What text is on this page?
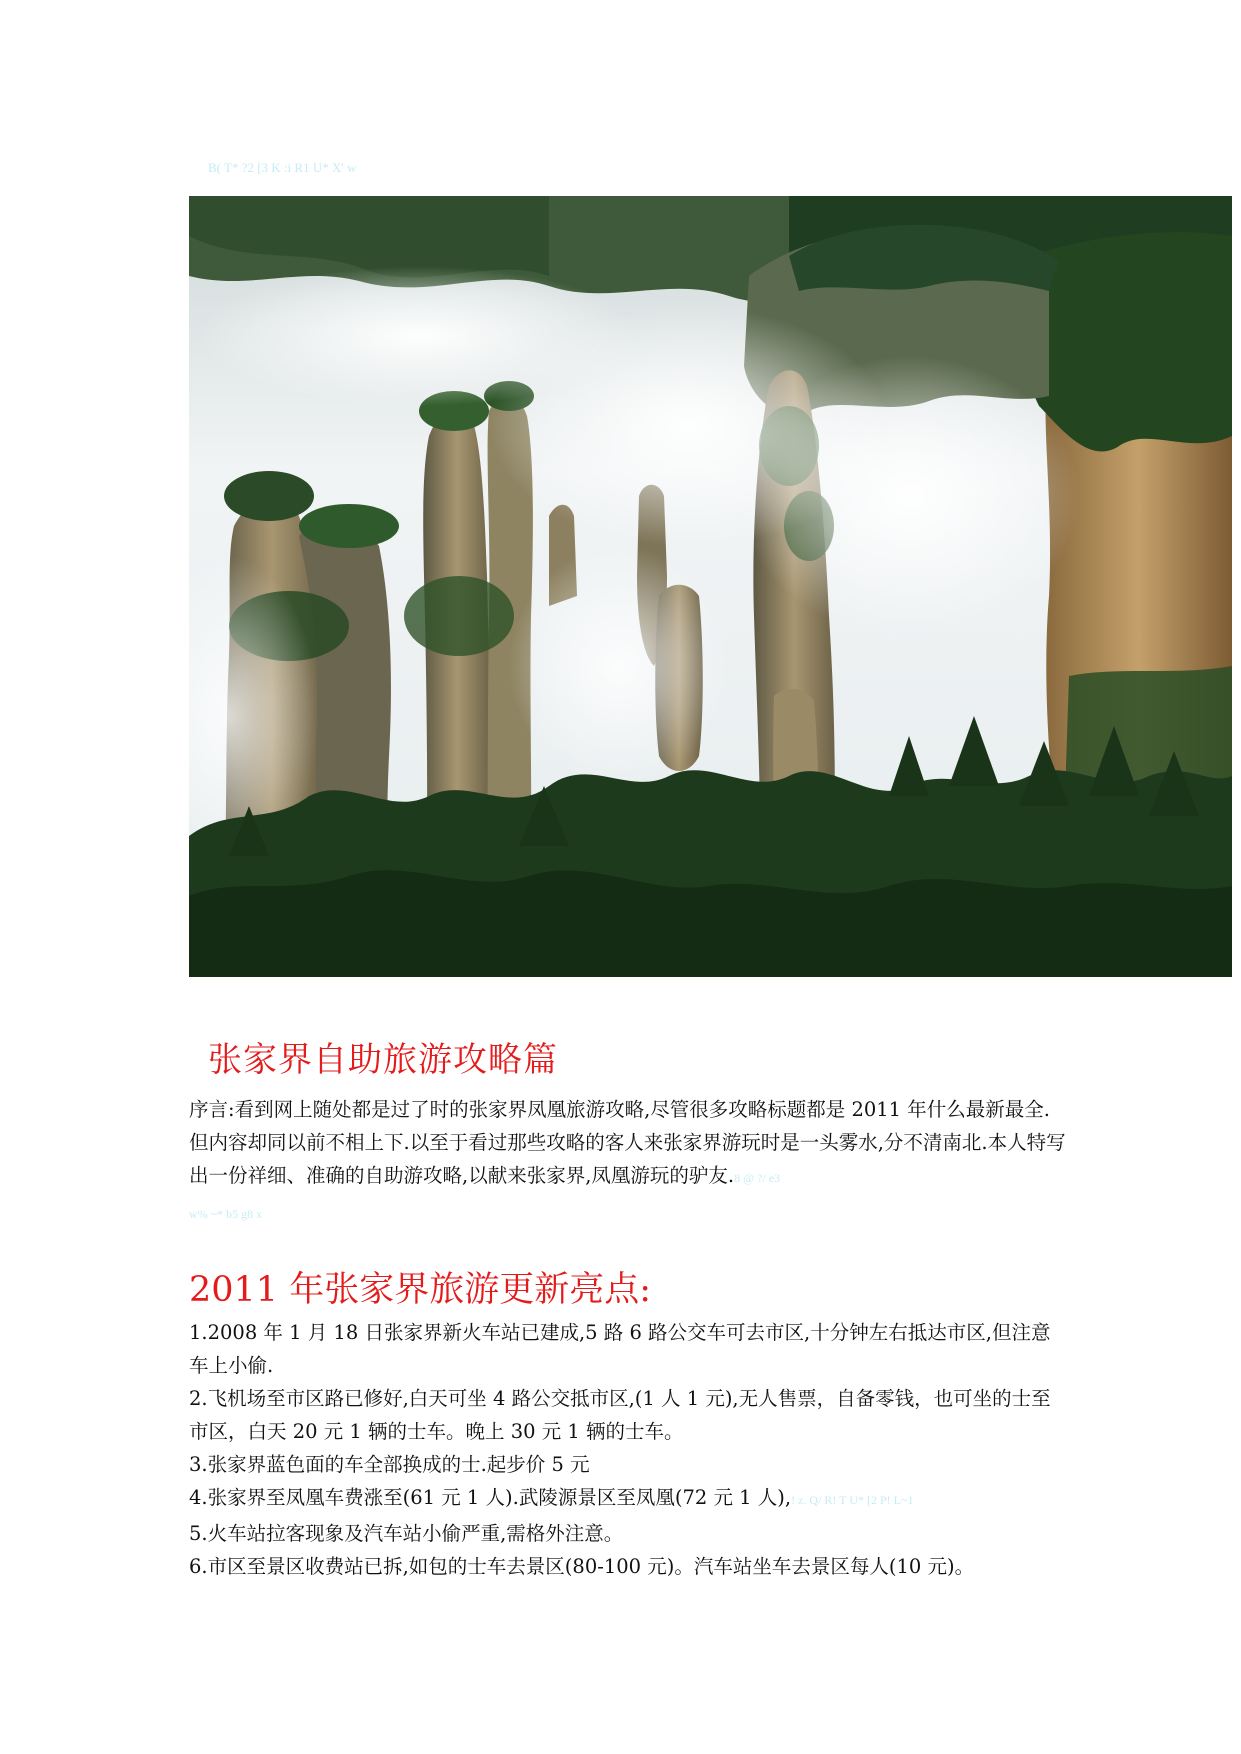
B( T* ?2 [3 K :i R1 U* X' w
张家界自助旅游攻略篇

序言:看到网上随处都是过了时的张家界凤凰旅游攻略,尽管很多攻略标题都是 2011 年什么最新最全.但内容却同以前不相上下.以至于看过那些攻略的客人来张家界游玩时是一头雾水,分不清南北.本人特写出一份祥细、准确的自助游攻略,以献来张家界,凤凰游玩的驴友.8 @ ?/ e3
w% ~* b5 g8 x

2011 年张家界旅游更新亮点:
1.2008 年 1 月 18 日张家界新火车站已建成,5 路 6 路公交车可去市区,十分钟左右抵达市区,但注意车上小偷.
2.飞机场至市区路已修好,白天可坐 4 路公交抵市区,(1 人 1 元),无人售票，自备零钱，也可坐的士至市区，白天 20 元 1 辆的士车。晚上 30 元 1 辆的士车。
3.张家界蓝色面的车全部换成的士.起步价 5 元
4.张家界至凤凰车费涨至(61 元 1 人).武陵源景区至凤凰(72 元 1 人),! z. Q/ R! T U* [2 P! L~1
5.火车站拉客现象及汽车站小偷严重,需格外注意。
6.市区至景区收费站已拆,如包的士车去景区(80-100 元)。汽车站坐车去景区每人(10 元)。
